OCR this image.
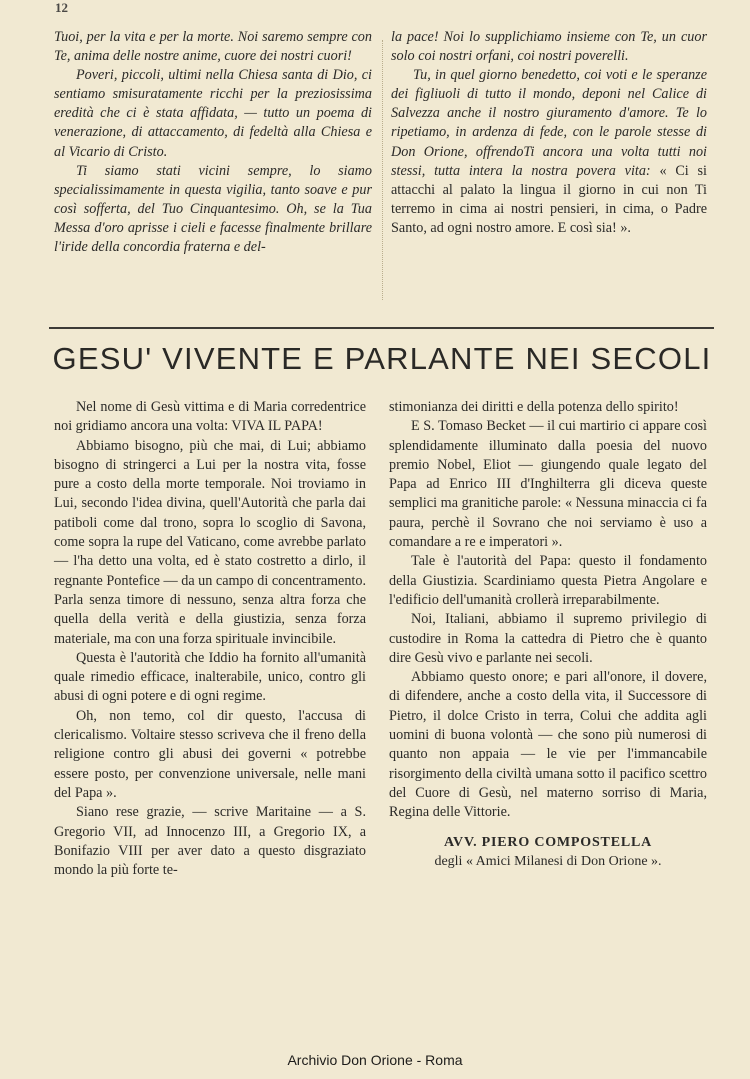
12

Tuoi, per la vita e per la morte. Noi saremo sempre con Te, anima delle nostre anime, cuore dei nostri cuori!

Poveri, piccoli, ultimi nella Chiesa santa di Dio, ci sentiamo smisuratamente ricchi per la preziosissima eredità che ci è stata affidata, — tutto un poema di venerazione, di attaccamento, di fedeltà alla Chiesa e al Vicario di Cristo.

Ti siamo stati vicini sempre, lo siamo specialissimamente in questa vigilia, tanto soave e pur così sofferta, del Tuo Cinquantesimo. Oh, se la Tua Messa d'oro aprisse i cieli e facesse finalmente brillare l'iride della concordia fraterna e del-

la pace! Noi lo supplichiamo insieme con Te, un cuor solo coi nostri orfani, coi nostri poverelli.

Tu, in quel giorno benedetto, coi voti e le speranze dei figliuoli di tutto il mondo, deponi nel Calice di Salvezza anche il nostro giuramento d'amore. Te lo ripetiamo, in ardenza di fede, con le parole stesse di Don Orione, offrendoTi ancora una volta tutti noi stessi, tutta intera la nostra povera vita: « Ci si attacchi al palato la lingua il giorno in cui non Ti terremo in cima ai nostri pensieri, in cima, o Padre Santo, ad ogni nostro amore. E così sia! ».

GESU' VIVENTE E PARLANTE NEI SECOLI

Nel nome di Gesù vittima e di Maria corredentrice noi gridiamo ancora una volta: VIVA IL PAPA!

Abbiamo bisogno, più che mai, di Lui; abbiamo bisogno di stringerci a Lui per la nostra vita, fosse pure a costo della morte temporale. Noi troviamo in Lui, secondo l'idea divina, quell'Autorità che parla dai patiboli come dal trono, sopra lo scoglio di Savona, come sopra la rupe del Vaticano, come avrebbe parlato — l'ha detto una volta, ed è stato costretto a dirlo, il regnante Pontefice — da un campo di concentramento. Parla senza timore di nessuno, senza altra forza che quella della verità e della giustizia, senza forza materiale, ma con una forza spirituale invincibile.

Questa è l'autorità che Iddio ha fornito all'umanità quale rimedio efficace, inalterabile, unico, contro gli abusi di ogni potere e di ogni regime.

Oh, non temo, col dir questo, l'accusa di clericalismo. Voltaire stesso scriveva che il freno della religione contro gli abusi dei governi « potrebbe essere posto, per convenzione universale, nelle mani del Papa ».

Siano rese grazie, — scrive Maritaine — a S. Gregorio VII, ad Innocenzo III, a Gregorio IX, a Bonifazio VIII per aver dato a questo disgraziato mondo la più forte te-

stimonianza dei diritti e della potenza dello spirito!

E S. Tomaso Becket — il cui martirio ci appare così splendidamente illuminato dalla poesia del nuovo premio Nobel, Eliot — giungendo quale legato del Papa ad Enrico III d'Inghilterra gli diceva queste semplici ma granitiche parole: « Nessuna minaccia ci fa paura, perchè il Sovrano che noi serviamo è uso a comandare a re e imperatori ».

Tale è l'autorità del Papa: questo il fondamento della Giustizia. Scardiniamo questa Pietra Angolare e l'edificio dell'umanità crollerà irreparabilmente.

Noi, Italiani, abbiamo il supremo privilegio di custodire in Roma la cattedra di Pietro che è quanto dire Gesù vivo e parlante nei secoli.

Abbiamo questo onore; e pari all'onore, il dovere, di difendere, anche a costo della vita, il Successore di Pietro, il dolce Cristo in terra, Colui che addita agli uomini di buona volontà — che sono più numerosi di quanto non appaia — le vie per l'immancabile risorgimento della civiltà umana sotto il pacifico scettro del Cuore di Gesù, nel materno sorriso di Maria, Regina delle Vittorie.

AVV. PIERO COMPOSTELLA

degli « Amici Milanesi di Don Orione ».

Archivio Don Orione - Roma
